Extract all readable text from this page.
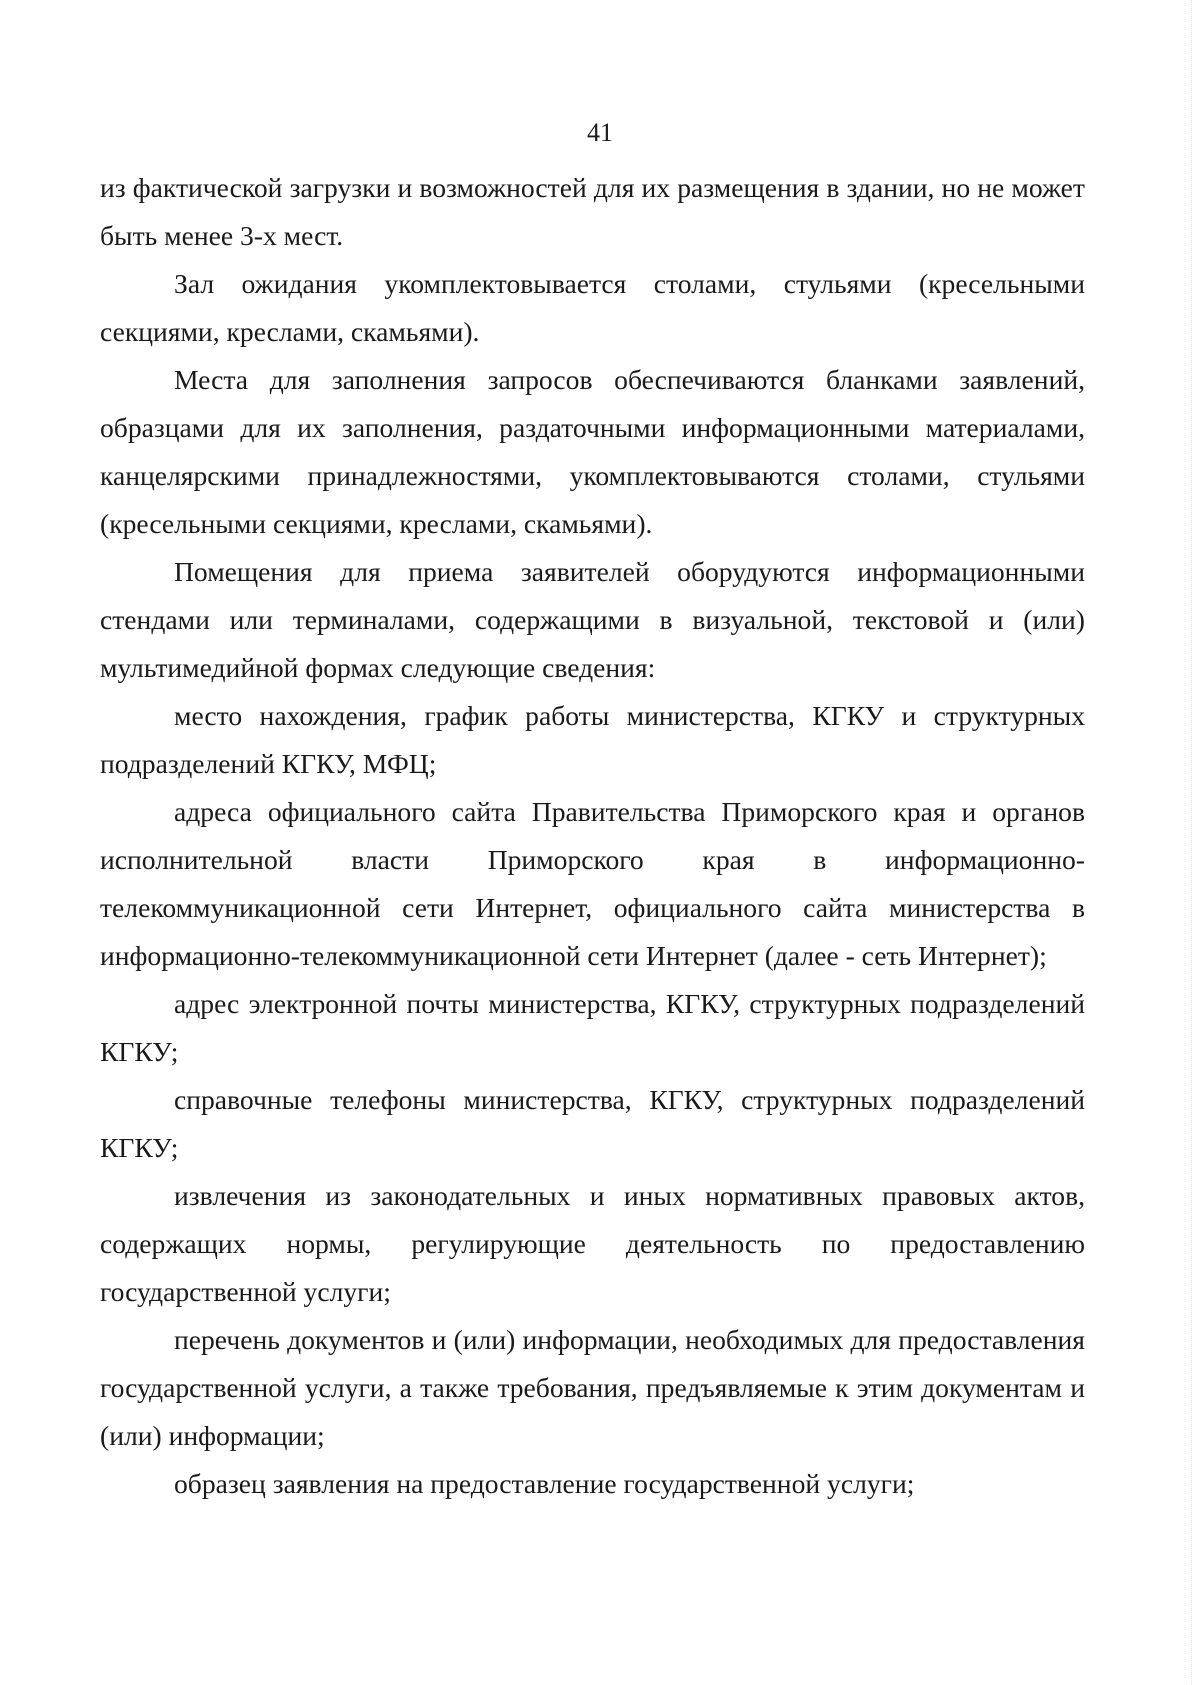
41

из фактической загрузки и возможностей для их размещения в здании, но не может быть менее 3-х мест.

Зал ожидания укомплектовывается столами, стульями (кресельными секциями, креслами, скамьями).

Места для заполнения запросов обеспечиваются бланками заявлений, образцами для их заполнения, раздаточными информационными материалами, канцелярскими принадлежностями, укомплектовываются столами, стульями (кресельными секциями, креслами, скамьями).

Помещения для приема заявителей оборудуются информационными стендами или терминалами, содержащими в визуальной, текстовой и (или) мультимедийной формах следующие сведения:

место нахождения, график работы министерства, КГКУ и структурных подразделений КГКУ, МФЦ;

адреса официального сайта Правительства Приморского края и органов исполнительной власти Приморского края в информационно-телекоммуникационной сети Интернет, официального сайта министерства в информационно-телекоммуникационной сети Интернет (далее - сеть Интернет);

адрес электронной почты министерства, КГКУ, структурных подразделений КГКУ;

справочные телефоны министерства, КГКУ, структурных подразделений КГКУ;

извлечения из законодательных и иных нормативных правовых актов, содержащих нормы, регулирующие деятельность по предоставлению государственной услуги;

перечень документов и (или) информации, необходимых для предоставления государственной услуги, а также требования, предъявляемые к этим документам и (или) информации;

образец заявления на предоставление государственной услуги;
